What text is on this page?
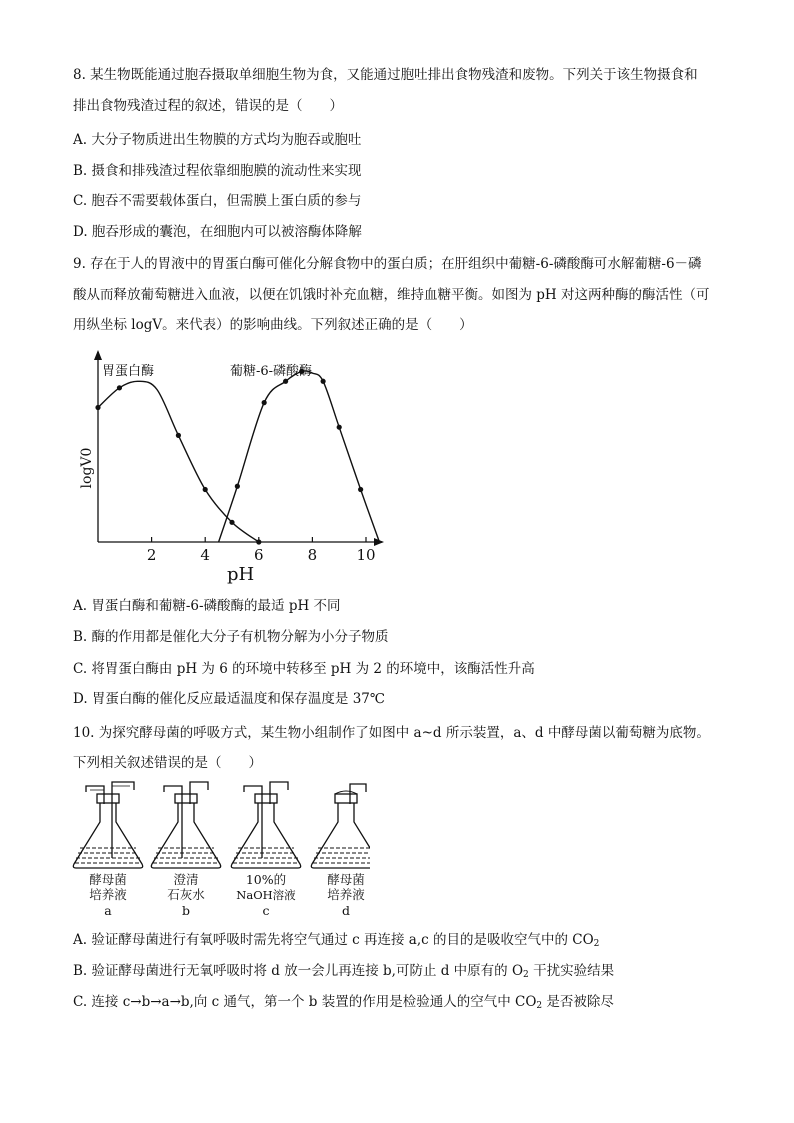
8. 某生物既能通过胞吞摄取单细胞生物为食，又能通过胞吐排出食物残渣和废物。下列关于该生物摄食和
排出食物残渣过程的叙述，错误的是（　　）
A. 大分子物质进出生物膜的方式均为胞吞或胞吐
B. 摄食和排残渣过程依靠细胞膜的流动性来实现
C. 胞吞不需要载体蛋白，但需膜上蛋白质的参与
D. 胞吞形成的囊泡，在细胞内可以被溶酶体降解
9. 存在于人的胃液中的胃蛋白酶可催化分解食物中的蛋白质；在肝组织中葡糖-6-磷酸酶可水解葡糖-6－磷
酸从而释放葡萄糖进入血液，以便在饥饿时补充血糖，维持血糖平衡。如图为 pH 对这两种酶的酶活性（可
用纵坐标 logV。来代表）的影响曲线。下列叙述正确的是（　　）
2	4	6	8	10
胃蛋白酶	葡糖-6-磷酸酶
pH
logV0
A. 胃蛋白酶和葡糖-6-磷酸酶的最适 pH 不同
B. 酶的作用都是催化大分子有机物分解为小分子物质
C. 将胃蛋白酶由 pH 为 6 的环境中转移至 pH 为 2 的环境中，该酶活性升高
D. 胃蛋白酶的催化反应最适温度和保存温度是 37℃
10. 为探究酵母菌的呼吸方式，某生物小组制作了如图中 a~d 所示装置，a、d 中酵母菌以葡萄糖为底物。
下列相关叙述错误的是（　　）
酵母菌
培养液
a
澄清
石灰水
b
10%的
NaOH溶液
c
酵母菌
培养液
d
A. 验证酵母菌进行有氧呼吸时需先将空气通过 c 再连接 a,c 的目的是吸收空气中的 $CO_2$
B. 验证酵母菌进行无氧呼吸时将 d 放一会儿再连接 b,可防止 d 中原有的 $O_2$ 干扰实验结果
C. 连接 c→b→a→b,向 c 通气，第一个 b 装置的作用是检验通人的空气中 $CO_2$ 是否被除尽
